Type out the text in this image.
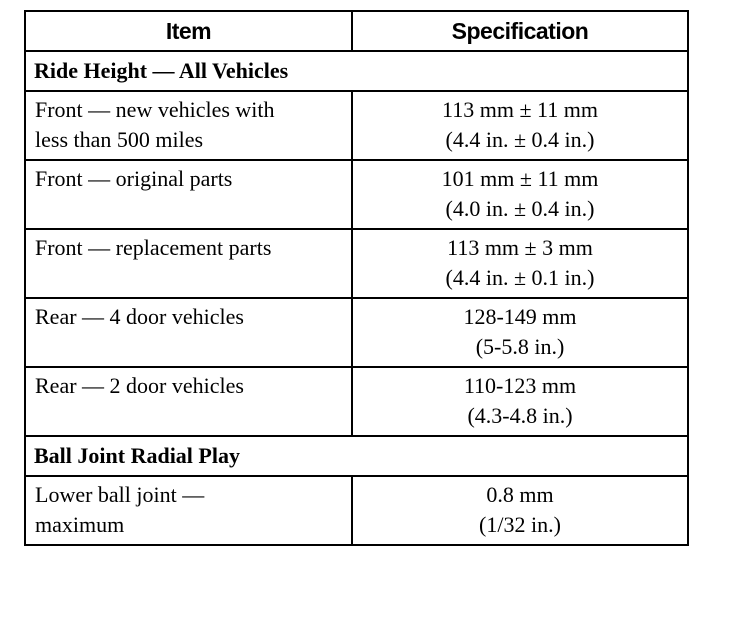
Item	Specification
Ride Height — All Vehicles	

Front — new vehicles with
less than 500 miles	113 mm ± 11 mm
(4.4 in. ± 0.4 in.)

Front — original parts	101 mm ± 11 mm
(4.0 in. ± 0.4 in.)

Front — replacement parts	113 mm ± 3 mm
(4.4 in. ± 0.1 in.)

Rear — 4 door vehicles	128-149 mm
(5-5.8 in.)

Rear — 2 door vehicles	110-123 mm
(4.3-4.8 in.)

Ball Joint Radial Play	

Lower ball joint —
maximum	0.8 mm
(1/32 in.)
